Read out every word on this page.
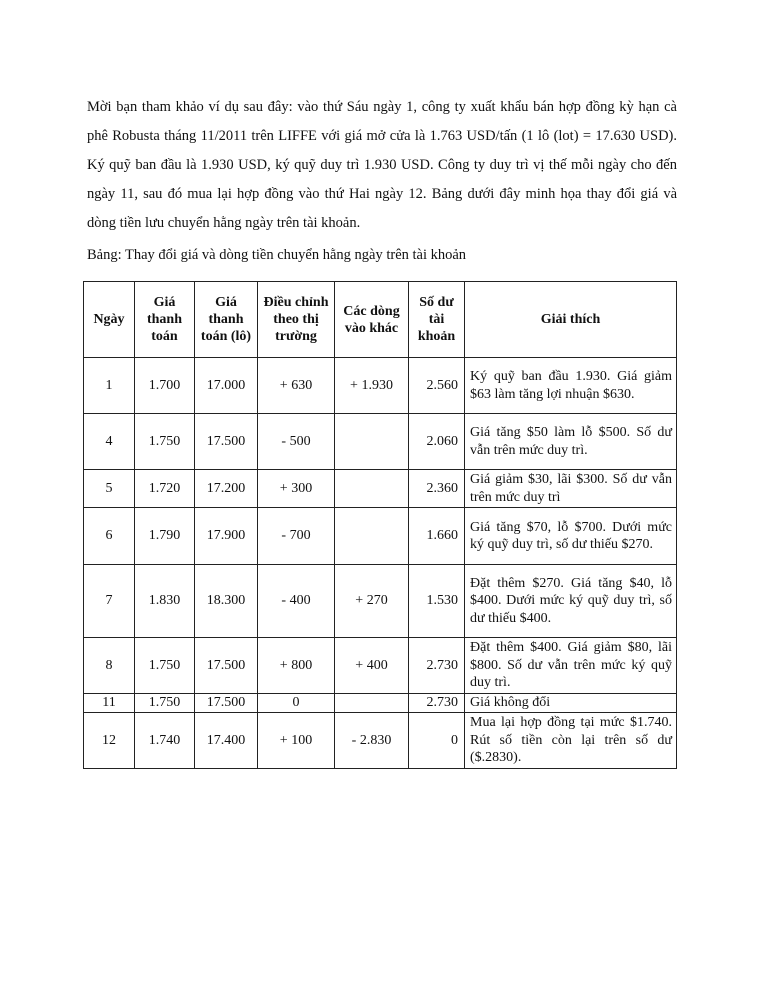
Mời bạn tham khảo ví dụ sau đây: vào thứ Sáu ngày 1, công ty xuất khẩu bán hợp đồng kỳ hạn cà phê Robusta tháng 11/2011 trên LIFFE với giá mở cửa là 1.763 USD/tấn (1 lô (lot) = 17.630 USD). Ký quỹ ban đầu là 1.930 USD, ký quỹ duy trì 1.930 USD. Công ty duy trì vị thế mỗi ngày cho đến ngày 11, sau đó mua lại hợp đồng vào thứ Hai ngày 12. Bảng dưới đây minh họa thay đổi giá và dòng tiền lưu chuyển hằng ngày trên tài khoản.

Bảng: Thay đổi giá và dòng tiền chuyển hằng ngày trên tài khoản

Ngày	Giá thanh toán	Giá thanh toán (lô)	Điều chỉnh theo thị trường	Các dòng vào khác	Số dư tài khoản	Giải thích
1	1.700	17.000	+ 630	+ 1.930	2.560	Ký quỹ ban đầu 1.930. Giá giảm $63 làm tăng lợi nhuận $630.
4	1.750	17.500	- 500		2.060	Giá tăng $50 làm lỗ $500. Số dư vẫn trên mức duy trì.
5	1.720	17.200	+ 300		2.360	Giá giảm $30, lãi $300. Số dư vẫn trên mức duy trì
6	1.790	17.900	- 700		1.660	Giá tăng $70, lỗ $700. Dưới mức ký quỹ duy trì, số dư thiếu $270.
7	1.830	18.300	- 400	+ 270	1.530	Đặt thêm $270. Giá tăng $40, lỗ $400. Dưới mức ký quỹ duy trì, số dư thiếu $400.
8	1.750	17.500	+ 800	+ 400	2.730	Đặt thêm $400. Giá giảm $80, lãi $800. Số dư vẫn trên mức ký quỹ duy trì.
11	1.750	17.500	0		2.730	Giá không đổi
12	1.740	17.400	+ 100	- 2.830	0	Mua lại hợp đồng tại mức $1.740. Rút số tiền còn lại trên số dư ($.2830).
